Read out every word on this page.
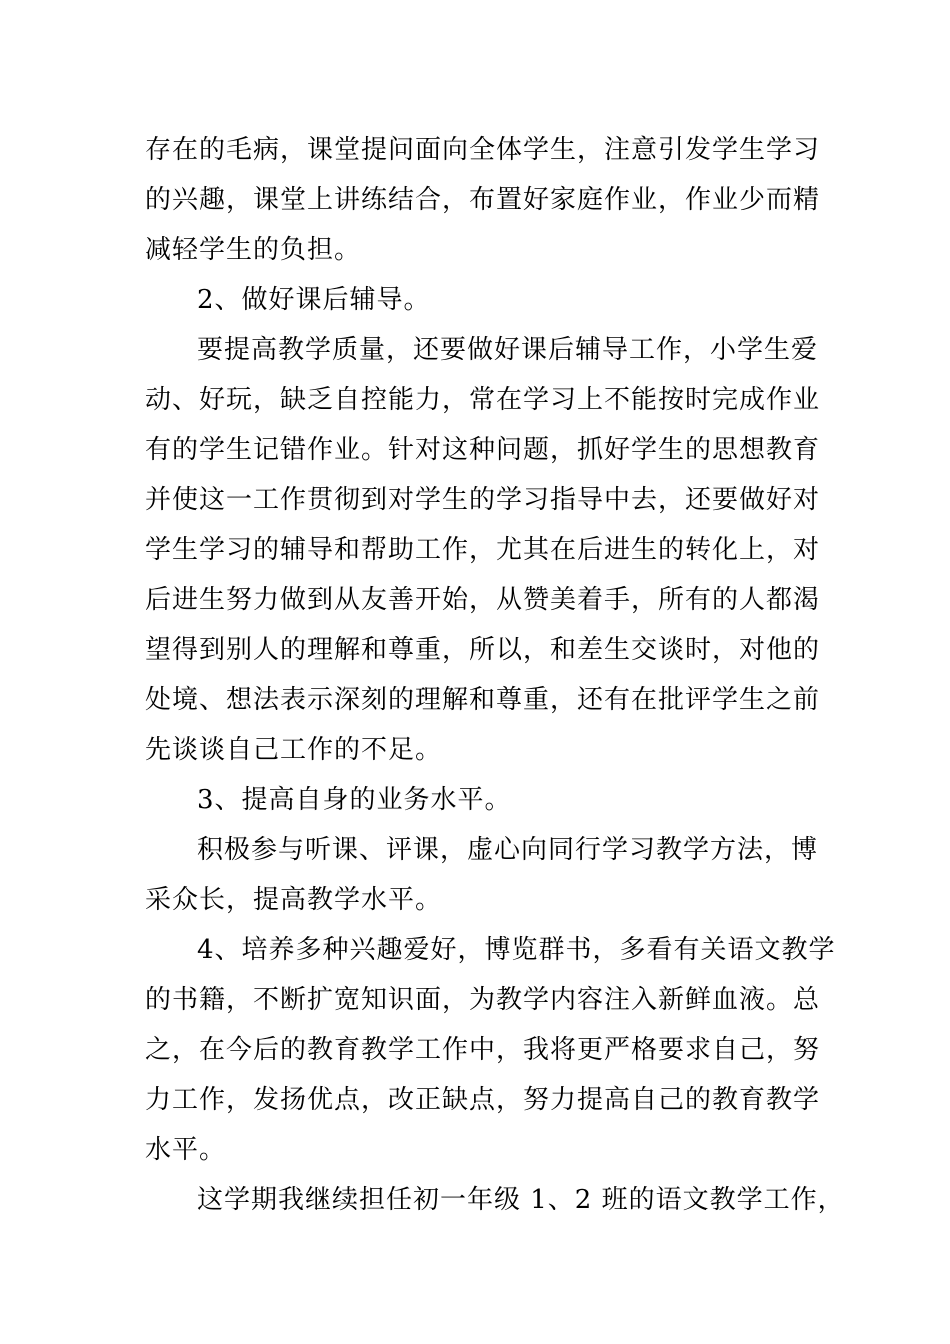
存在的毛病，课堂提问面向全体学生，注意引发学生学习
的兴趣，课堂上讲练结合，布置好家庭作业，作业少而精
减轻学生的负担。
2、做好课后辅导。
要提高教学质量，还要做好课后辅导工作，小学生爱
动、好玩，缺乏自控能力，常在学习上不能按时完成作业
有的学生记错作业。针对这种问题，抓好学生的思想教育
并使这一工作贯彻到对学生的学习指导中去，还要做好对
学生学习的辅导和帮助工作，尤其在后进生的转化上，对
后进生努力做到从友善开始，从赞美着手，所有的人都渴
望得到别人的理解和尊重，所以，和差生交谈时，对他的
处境、想法表示深刻的理解和尊重，还有在批评学生之前
先谈谈自己工作的不足。
3、提高自身的业务水平。
积极参与听课、评课，虚心向同行学习教学方法，博
采众长，提高教学水平。
4、培养多种兴趣爱好，博览群书，多看有关语文教学
的书籍，不断扩宽知识面，为教学内容注入新鲜血液。总
之，在今后的教育教学工作中，我将更严格要求自己，努
力工作，发扬优点，改正缺点，努力提高自己的教育教学
水平。
这学期我继续担任初一年级 1、2 班的语文教学工作，
